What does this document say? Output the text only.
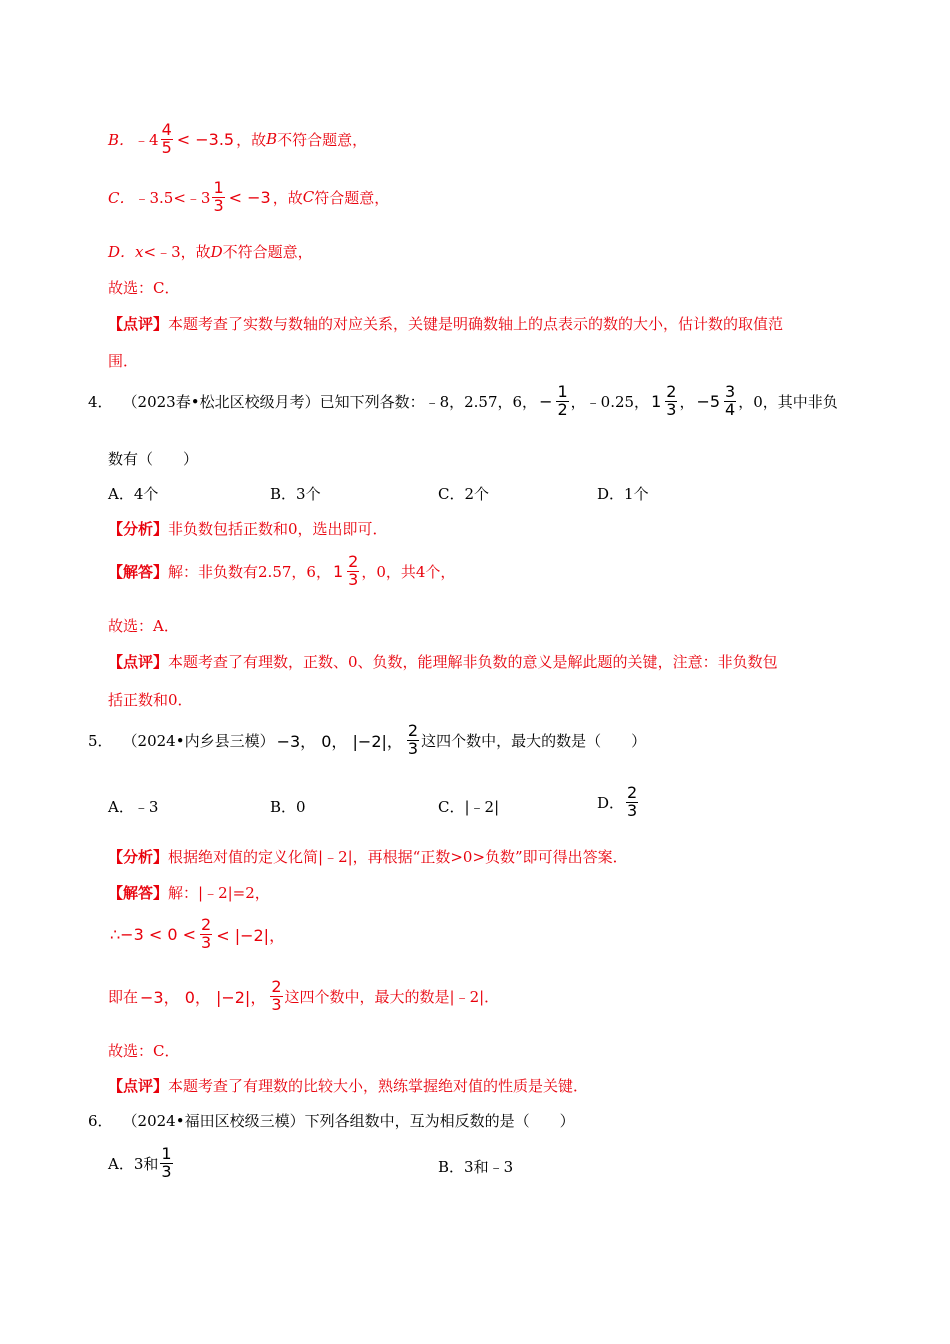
B． ﹣4 $\frac{4}{5} < -3.5$ ，故 B 不符合题意，
C． ﹣3.5<﹣3 $\frac{1}{3} < -3$ ，故 C 符合题意，
D． x <﹣3，故 D 不符合题意，
故选：C．
【点评】 本题考查了实数与数轴的对应关系，关键是明确数轴上的点表示的数的大小，估计数的取值范
围．
4． （2023春•松北区校级月考）已知下列各数：﹣8，2.57，6， − $\frac{1}{2}$ ，﹣0.25， $1 \frac{2}{3}$ ， $-5 \frac{3}{4}$ ，0，其中非负
数有（　　）
A．4个	B．3个	C．2个	D．1个
【分析】 非负数包括正数和0，选出即可．
【解答】 解：非负数有2.57，6， $1 \frac{2}{3}$ ，0，共4个，
故选：A．
【点评】 本题考查了有理数，正数、0、负数，能理解非负数的意义是解此题的关键，注意：非负数包
括正数和0．
5． （2024•内乡县三模） −3， 0， |−2|， $\frac{2}{3}$ 这四个数中，最大的数是（　　）
A．﹣3	B．0	C．|﹣2|	D． $\frac{2}{3}$
【分析】 根据绝对值的定义化简|﹣2|，再根据“正数>0>负数”即可得出答案．
【解答】 解：|﹣2|=2，
∴−3 < $0 < \frac{2}{3} < |-2|$，
即在 −3， 0， |−2|， $\frac{2}{3}$ 这四个数中，最大的数是|﹣2|．
故选：C．
【点评】 本题考查了有理数的比较大小，熟练掌握绝对值的性质是关键．
6． （2024•福田区校级三模）下列各组数中，互为相反数的是（　　）
A．3和 $\frac{1}{3}$	B．3和﹣3
